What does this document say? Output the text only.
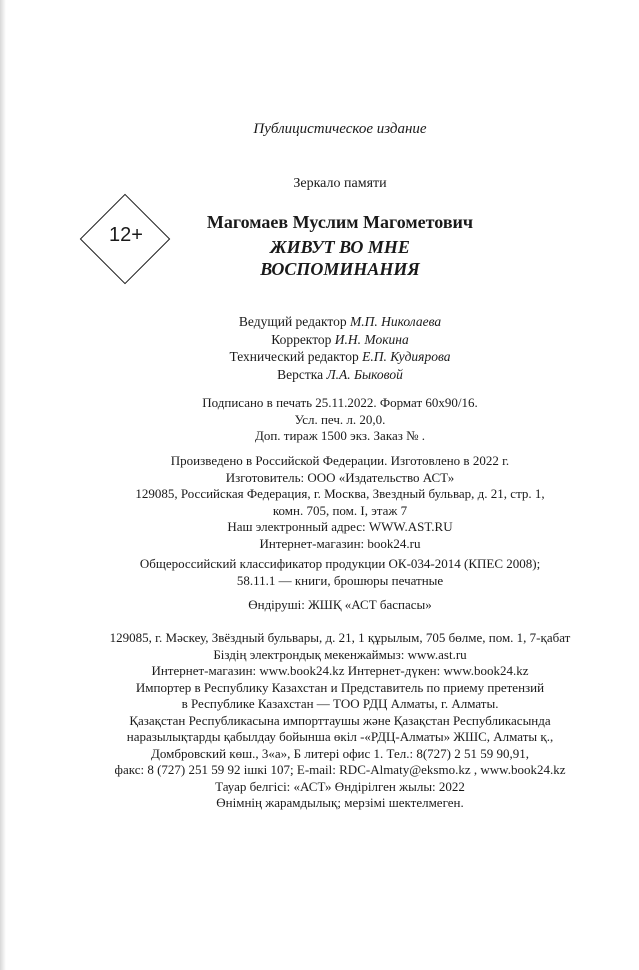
Публицистическое издание
Зеркало памяти
12+
Магомаев Муслим Магометович
ЖИВУТ ВО МНЕ
ВОСПОМИНАНИЯ
Ведущий редактор М.П. Николаева
Корректор И.Н. Мокина
Технический редактор Е.П. Кудиярова
Верстка Л.А. Быковой
Подписано в печать 25.11.2022. Формат 60x90/16.
Усл. печ. л. 20,0.
Доп. тираж 1500 экз. Заказ № .
Произведено в Российской Федерации. Изготовлено в 2022 г.
Изготовитель: ООО «Издательство АСТ»
129085, Российская Федерация, г. Москва, Звездный бульвар, д. 21, стр. 1,
комн. 705, пом. I, этаж 7
Наш электронный адрес: WWW.AST.RU
Интернет-магазин: book24.ru
Общероссийский классификатор продукции ОК-034-2014 (КПЕС 2008);
58.11.1 — книги, брошюры печатные
Өндіруші: ЖШҚ «АСТ баспасы»
129085, г. Мәскеу, Звёздный бульвары, д. 21, 1 құрылым, 705 бөлме, пом. 1, 7-қабат
Біздің электрондық мекенжаймыз: www.ast.ru
Интернет-магазин: www.book24.kz Интернет-дүкен: www.book24.kz
Импортер в Республику Казахстан и Представитель по приему претензий
в Республике Казахстан — ТОО РДЦ Алматы, г. Алматы.
Қазақстан Республикасына импорттаушы және Қазақстан Республикасында
наразылықтарды қабылдау бойынша өкіл -«РДЦ-Алматы» ЖШС, Алматы қ.,
Домбровский көш., 3«а», Б литері офис 1. Тел.: 8(727) 2 51 59 90,91,
факс: 8 (727) 251 59 92 ішкі 107; E-mail: RDC-Almaty@eksmo.kz , www.book24.kz
Тауар белгісі: «АСТ» Өндірілген жылы: 2022
Өнімнің жарамдылық; мерзімі шектелмеген.
